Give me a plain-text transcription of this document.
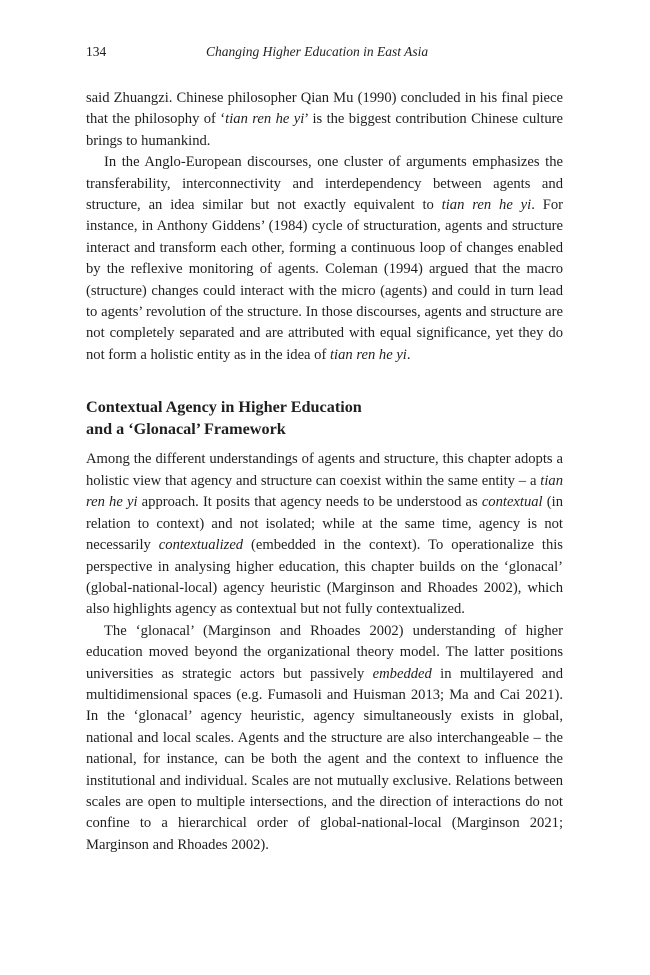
134	Changing Higher Education in East Asia

said Zhuangzi. Chinese philosopher Qian Mu (1990) concluded in his final piece that the philosophy of ‘tian ren he yi’ is the biggest contribution Chinese culture brings to humankind.

In the Anglo-European discourses, one cluster of arguments emphasizes the transferability, interconnectivity and interdependency between agents and structure, an idea similar but not exactly equivalent to tian ren he yi. For instance, in Anthony Giddens’ (1984) cycle of structuration, agents and structure interact and transform each other, forming a continuous loop of changes enabled by the reflexive monitoring of agents. Coleman (1994) argued that the macro (structure) changes could interact with the micro (agents) and could in turn lead to agents’ revolution of the structure. In those discourses, agents and structure are not completely separated and are attributed with equal significance, yet they do not form a holistic entity as in the idea of tian ren he yi.

Contextual Agency in Higher Education
and a ‘Glonacal’ Framework

Among the different understandings of agents and structure, this chapter adopts a holistic view that agency and structure can coexist within the same entity – a tian ren he yi approach. It posits that agency needs to be understood as contextual (in relation to context) and not isolated; while at the same time, agency is not necessarily contextualized (embedded in the context). To operationalize this perspective in analysing higher education, this chapter builds on the ‘glonacal’ (global-national-local) agency heuristic (Marginson and Rhoades 2002), which also highlights agency as contextual but not fully contextualized.

The ‘glonacal’ (Marginson and Rhoades 2002) understanding of higher education moved beyond the organizational theory model. The latter positions universities as strategic actors but passively embedded in multilayered and multidimensional spaces (e.g. Fumasoli and Huisman 2013; Ma and Cai 2021). In the ‘glonacal’ agency heuristic, agency simultaneously exists in global, national and local scales. Agents and the structure are also interchangeable – the national, for instance, can be both the agent and the context to influence the institutional and individual. Scales are not mutually exclusive. Relations between scales are open to multiple intersections, and the direction of interactions do not confine to a hierarchical order of global-national-local (Marginson 2021; Marginson and Rhoades 2002).
